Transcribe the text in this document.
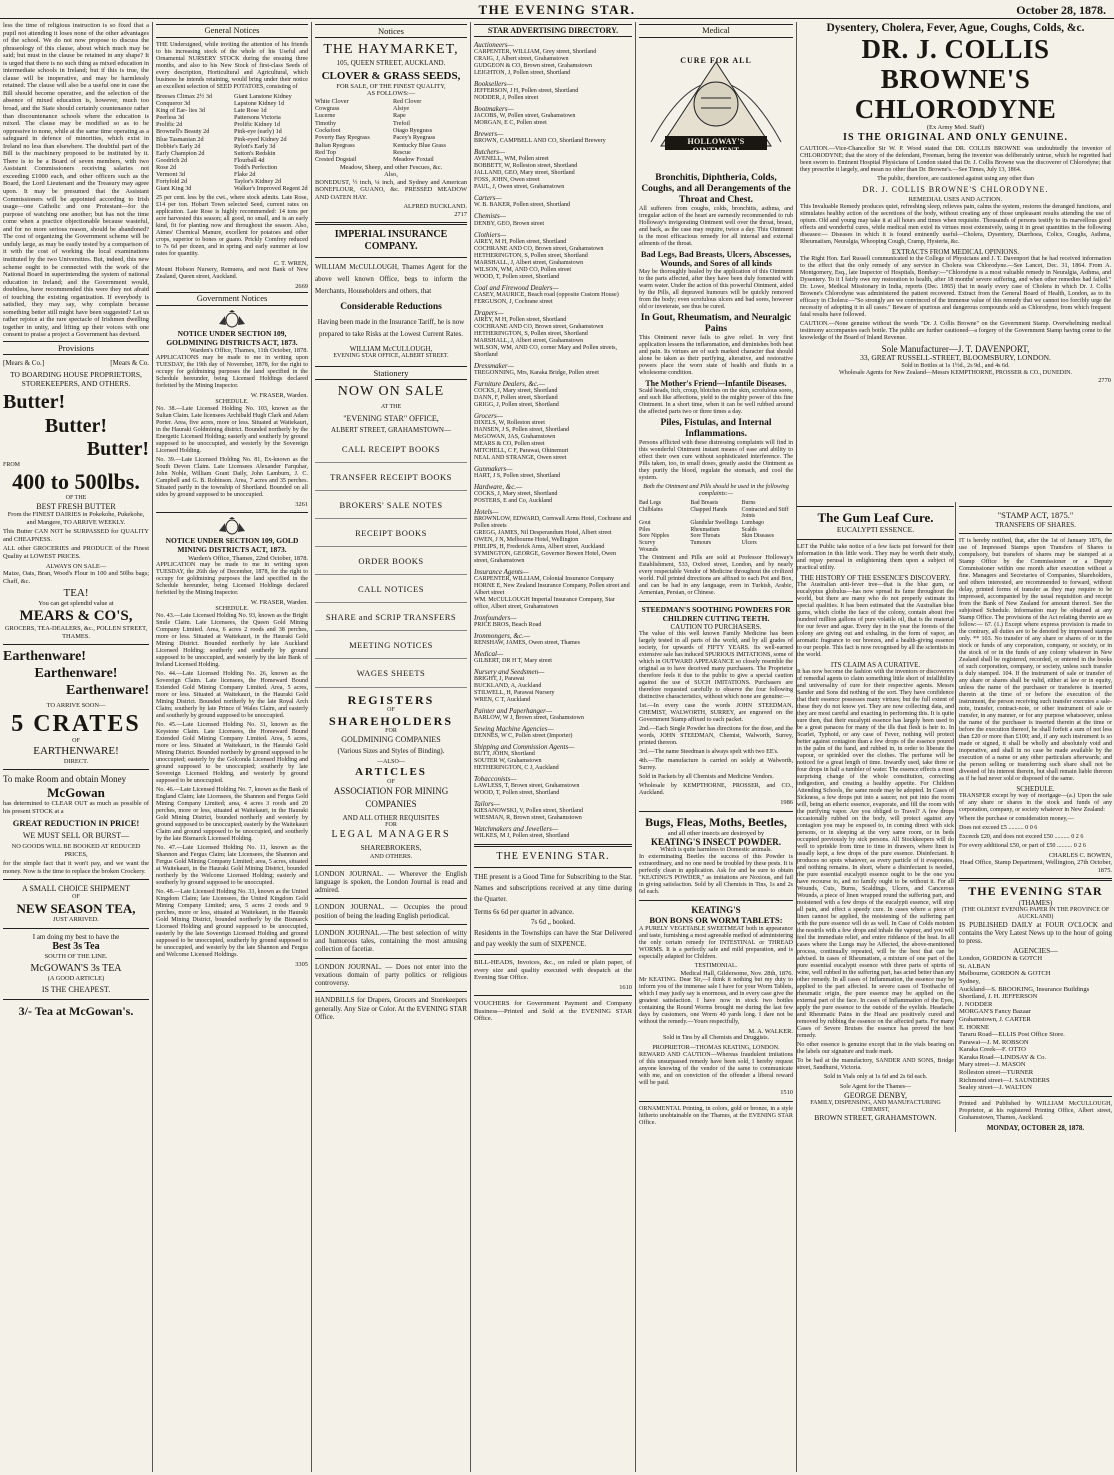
THE EVENING STAR.	October 28, 1878.

less the time of religious instruction is so fixed that a pupil not attending it loses none of the other advantages of the school. We do not now propose to discuss the phraseology of this clause, about which much may be said; but must in the clause be retained in any shape? It is urged that there is no such thing as mixed education in intermediate schools in Ireland; but if this is true, the clause will be inoperative, and may be harmlessly retained. The clause will also be a useful one in case the Bill should become operative, and the selection of the absence of mixed education is, however, much too broad, and the State should certainly countenance rather than discountenance schools where the education is mixed. The clause may be modified so as to be oppressive to none, while at the same time operating as a safeguard in defence of minorities, which exist in Ireland no less than elsewhere. The doubtful part of the Bill is the machinery proposed to be instituted by it. There is to be a Board of seven members, with two Assistant Commissioners receiving salaries not exceeding £1000 each, and other officers such as the Board, the Lord Lieutenant and the Treasury may agree upon. It may be presumed that the Assistant Commissioners will be appointed according to Irish usage—one Catholic and one Protestant—for the purpose of watching one another; but has not the time come when a practice objectionable because wasteful, and for no more serious reason, should be abandoned? The cost of organizing the Government scheme will be unduly large, as may be easily tested by a comparison of it with the cost of working the local examinations instituted by the two Universities. But, indeed, this new scheme ought to be connected with the work of the National Board in superintending the system of national education in Ireland; and the Government would, doubtless, have recommended this were they not afraid of touching the existing organization. If everybody is satisfied, they may say, why complain because something better still might have been suggested? Let us rather rejoice at the rare spectacle of Irishmen dwelling together in unity, and lifting up their voices with one consent to praise a project a Government has devised.

Provisions
[Mears & Co.]	[Mears & Co.

TO BOARDING HOUSE PROPRIETORS, STOREKEEPERS, AND OTHERS.

Butter!
Butter!
Butter!
FROM
400 to 500lbs.
OF THE
BEST FRESH BUTTER

From the FINEST DAIRIES in Pokekohe, Pukekohe, and Mangere, TO ARRIVE WEEKLY.

This Butter CAN NOT be SURPASSED for QUALITY and CHEAPNESS.

ALL other GROCERIES and PRODUCE of the Finest Quality at LOWEST PRICES.

ALWAYS ON SALE—

Maize, Oats, Bran, Wood's Flour in 100 and 50lbs bags; Chaff, &c.

TEA!
You can get splendid value at
MEARS & CO'S,

GROCERS, TEA-DEALERS, &c., POLLEN STREET, THAMES.

Earthenware!
Earthenware!
Earthenware!
TO ARRIVE SOON—
5 CRATES
OF
EARTHENWARE!
DIRECT.
To make Room and obtain Money
McGowan

has determined to CLEAR OUT as much as possible of his present STOCK at a

GREAT REDUCTION IN PRICE!
WE MUST SELL OR BURST—

NO GOODS WILL BE BOOKED AT REDUCED PRICES,

for the simple fact that it won't pay, and we want the money. Now is the time to replace the broken Crockery.

A SMALL CHOICE SHIPMENT
OF
NEW SEASON TEA,
JUST ARRIVED.
I am doing my best to have the
Best 3s Tea
SOUTH OF THE LINE.
McGOWAN'S 3s TEA
(A GOOD ARTICLE)
IS THE CHEAPEST.
3/- Tea at McGowan's.
General Notices

THE Undersigned, while inviting the attention of his friends to his increasing stock of the whole of his Useful and Ornamental NURSERY STOCK during the ensuing three months, and also to his New Stock of first-class Seeds of every description, Horticultural and Agricultural, which business he intends retaining, would bring under their notice an excellent selection of SEED POTATOES, consisting of

Breeses Climax 2½ 3d	Giant Lanstone Kidney
Conqueror 3d	Lapstone Kidney 1d
King of Ear- lies 3d	Late Rose 1d
Peerless 3d	Pattersons Victoria
Prolific 2d	Prolific Kidney 1d
Brownell's Beauty 2d	Pink-eye (early) 1d
Blue Tasmanian 2d	Pink-eyed Kidney 2d
Dobbie's Early 2d	Rylott's Early 3d
Early Champion 2d	Sutton's Redskin
Goodrich 2d	Flourball 4d
Rose 2d	Todd's Perfection
Vermont 3d	Flake 2d
Fortyfold 2d	Taylor's Kidney 2d
Giant King 3d	Walker's Improved Regent 2d

25 per cent. less by the cwt., where stock admits. Late Rose, £14 per ton. Hobart Town selected Seed, current rates on application. Late Rose is highly recommended: 14 tons per acre harvested this season; all good, no small, and is an early kind, fit for planting now and throughout the season. Also, Aimes' Chemical Manure, excellent for potatoes and other crops, superior to bones or guano. Prickly Comfrey reduced to 7s 6d per dozen, and in spring and early summer at low rates for quantity.

C. T. WREN,

Mount Hobson Nursery, Remuera, and next Bank of New Zealand, Queen street, Auckland.

2669
Government Notices
NOTICE UNDER SECTION 109, GOLDMINING DISTRICTS ACT, 1873.
Warden's Office, Thames, 11th October, 1878.

APPLICATIONS may be made to me in writing upon TUESDAY, the 19th day of November, 1878, for the right to occupy for goldmining purposes the land specified in the Schedule hereunder, being Licensed Holdings declared forfeited by the Mining Inspector.

W. FRASER, Warden.
SCHEDULE.

No. 38.—Late Licensed Holding No. 103, known as the Sultan Claim. Late licensees Archibald Hugh Clark and Adam Porter. Area, five acres, more or less. Situated at Waitekauri, in the Hauraki Goldmining district. Bounded northerly by the Energetic Licensed Holding; easterly and southerly by ground supposed to be unoccupied, and westerly by the Sovereign Licensed Holding.

No. 39.—Late Licensed Holding No. 81, Ex-known as the South Devon Claim. Late Licensees Alexander Farquhar, John Noble, William Grant Daily, John Lamburn, J. C. Campbell and G. B. Robinson. Area, 7 acres and 35 perches. Situated partly in the township of Shortland. Bounded on all sides by ground supposed to be unoccupied.

3261
NOTICE UNDER SECTION 109, GOLD MINING DISTRICTS ACT, 1873.
Warden's Office, Thames, 22nd October, 1878.

APPLICATION may be made to me in writing upon TUESDAY, the 26th day of December, 1878, for the right to occupy for goldmining purposes the land specified in the Schedule hereunder, being Licensed Holdings declared forfeited by the Mining Inspector.

W. FRASER, Warden.
SCHEDULE.

No. 43.—Late Licensed Holding No. 93, known as the Bright Smile Claim. Late Licensees, the Queen Gold Mining Company Limited. Area, 6 acres 2 roods and 38 perches, more or less. Situated at Waitekauri, in the Hauraki Gold Mining District. Bounded northerly by late Auckland Licensed Holding; southerly and southerly by ground supposed to be unoccupied, and westerly by the late Bank of Ireland Licensed Holding.

No. 44.—Late Licensed Holding No. 26, known as the Sovereign Claim. Late licensees, the Homeward Bound Extended Gold Mining Company Limited. Area, 5 acres, more or less. Situated at Waitekauri, in the Hauraki Gold Mining District. Bounded northerly by the late Royal Arch Claim; southerly by late Prince of Wales Claim, and easterly and southerly by ground supposed to be unoccupied.

No. 45.—Late Licensed Holding No. 31, known as the Keystone Claim. Late Licensees, the Homeward Bound Extended Gold Mining Company Limited. Area, 5 acres, more or less. Situated at Waitekauri, in the Hauraki Gold Mining District. Bounded northerly by ground supposed to be unoccupied; easterly by the Golconda Licensed Holding and ground supposed to be unoccupied; southerly by late Sovereign Licensed Holding, and westerly by ground supposed to be unoccupied.

No. 46.—Late Licensed Holding No. 7, known as the Bank of England Claim; late Licensees, the Shannon and Fergus Gold Mining Company Limited; area, 4 acres 3 roods and 20 perches, more or less, situated at Waitekauri, in the Hauraki Gold Mining District, bounded northerly and westerly by ground supposed to be unoccupied; easterly by the Waitekauri Claim and ground supposed to be unoccupied, and southerly by the late Bismarck Licensed Holding.

No. 47.—Late Licensed Holding No. 11, known as the Shannon and Fergus Claim; late Licensees, the Shannon and Fergus Gold Mining Company Limited; area, 5 acres, situated at Waitekauri, in the Hauraki Gold Mining District, bounded northerly by the Welcome Licensed Holding; easterly and southerly by ground supposed to be unoccupied.

No. 48.—Late Licensed Holding No. 33, known as the United Kingdom Claim; late Licensees, the United Kingdom Gold Mining Company Limited; area, 5 acres 2 roods and 9 perches, more or less, situated at Waitekauri, in the Hauraki Gold Mining District, bounded northerly by the Bismarck Licensed Holding and ground supposed to be unoccupied, easterly by the late Sovereign Licensed Holding and ground supposed to be unoccupied, southerly by ground supposed to be unoccupied, and westerly by the late Shannon and Fergus and Welcome Licensed Holdings.

3305
Notices
THE HAYMARKET,
105, QUEEN STREET, AUCKLAND.
CLOVER & GRASS SEEDS,
FOR SALE, OF THE FINEST QUALITY,
AS FOLLOWS:—
White Clover	Red Clover
Cowgrass	Alsiye
Lucerne	Rape
Timothy	Trefoil
Cocksfoot	Otago Ryegrass
Poverty Bay Ryegrass	Pacey's Ryegrass
Italian Ryegrass	Kentucky Blue Grass
Red Top	Rescue
Crested Dogstail	Meadow Foxtail
Meadow, Sheep, and other Fescues, &c.
Also,

BONEDUST, ½ inch, ¼ inch, and Sydney and American BONEFLOUR, GUANO, &c. PRESSED MEADOW AND OATEN HAY.

ALFRED BUCKLAND.
2717
IMPERIAL INSURANCE COMPANY.

WILLIAM McCULLOUGH, Thames Agent for the above well known Office, begs to inform the Merchants, Householders and others, that

Considerable Reductions

Having been made in the Insurance Tariff, he is now prepared to take Risks at the Lowest Current Rates.

WILLIAM McCULLOUGH,
EVENING STAR OFFICE, ALBERT STREET.
Stationery
NOW ON SALE
AT THE
"EVENING STAR" OFFICE,
ALBERT STREET, GRAHAMSTOWN—
CALL RECEIPT BOOKS
TRANSFER RECEIPT BOOKS
BROKERS' SALE NOTES
RECEIPT BOOKS
ORDER BOOKS
CALL NOTICES
SHARE and SCRIP TRANSFERS
MEETING NOTICES
WAGES SHEETS
REGISTERS
OF
SHAREHOLDERS
FOR
GOLDMINING COMPANIES
(Various Sizes and Styles of Binding).
—ALSO—
ARTICLES
OF
ASSOCIATION FOR MINING
COMPANIES
AND ALL OTHER REQUISITES
FOR
LEGAL MANAGERS
SHAREBROKERS,
AND OTHERS.

LONDON JOURNAL. — Wherever the English language is spoken, the London Journal is read and admired.

LONDON JOURNAL. — Occupies the proud position of being the leading English periodical.

LONDON JOURNAL.—The best selection of witty and humorous tales, containing the most amusing collection of facetiæ.

LONDON JOURNAL. — Does not enter into the vexatious domain of party politics or religious controversy.

HANDBILLS for Drapers, Grocers and Storekeepers generally. Any Size or Color. At the EVENING STAR Office.

STAR ADVERTISING DIRECTORY.
Auctioneers—
CARPENTER, WILLIAM, Grey street, Shortland
CRAIG, J, Albert street, Grahamstown
GUDGEON & CO, Brown street, Grahamstown
LEIGHTON, J, Pollen street, Shortland
Booksellers—
JEFFERSON, J H, Pollen street, Shortland
NODDER, J, Pollen street
Bootmakers—
JACOBS, W, Pollen street, Grahamstown
MORGAN, E C, Pollen street
Brewers—
BROWN, CAMPBELL AND CO, Shortland Brewery
Butchers—
AVENELL, WM, Pollen street
BOBBETT, W, Rolleston street, Shortland
JALLAND, GEO, Mary street, Shortland
FOSS, JOHN, Owen street
PAUL, J, Owen street, Grahamstown
Carters—
W. B. BAKER, Pollen street, Shortland
Chemists—
DENBY, GEO, Brown street
Clothiers—
AIREY, M H, Pollen street, Shortland
COCHRANE AND CO, Brown street, Grahamstown
HETHERINGTON, S, Pollen street, Shortland
MARSHALL, J, Albert street, Grahamstown
WILSON, WM, AND CO, Pollen street
WOOD, T, Pollen street, Shortland
Coal and Firewood Dealers—
CASEY, MAURICE, Beach road (opposite Custom House)
FERGUSON, J, Cochrane street
Drapers—
AIREY, M H, Pollen street, Shortland
COCHRANE AND CO, Brown street, Grahamstown
HETHERINGTON, S, Pollen street, Shortland
MARSHALL, J, Albert street, Grahamstown
WILSON, WM, AND CO, corner Mary and Pollen streets, Shortland
Dressmaker—
TREGONNING, Mrs, Karaka Bridge, Pollen street
Furniture Dealers, &c.—
COCKS, J, Mary street, Shortland
DANN, F, Pollen street, Shortland
GRIGG, J, Pollen street, Shortland
Grocers—
DIXELS, W, Rolleston street
HANSEN, J S, Pollen street, Shortland
McGOWAN, JAS, Grahamstown
MEARS & CO, Pollen street
MITCHELL, C F, Parawai, Ohinemuri
NEAL AND STRANGE, Owen street
Gunmakers—
HART, J S, Pollen street, Shortland
Hardware, &c.—
COCKS, J, Mary street, Shortland
POSTERS, E and Co, Auckland
Hotels—
BROWNLOW, EDWARD, Cornwall Arms Hotel, Cochrane and Pollen streets
GREGG, JAMES, Nil Desperandum Hotel, Albert street
OWEN, J N, Melbourne Hotel, Wellington
PHILIPS, H, Frederick Arms, Albert street, Auckland
SYMINGTON, GEORGE, Governor Bowen Hotel, Owen street, Grahamstown
Insurance Agents—
CARPENTER, WILLIAM, Colonial Insurance Company
HORNE E, New Zealand Insurance Company, Pollen street and Albert street
WM. McCULLOUGH Imperial Insurance Company, Star office, Albert street, Grahamstown
Ironfounders—
PRICE BROS, Beach Road
Ironmongers, &c.—
RENSHAW, JAMES, Owen street, Thames
Medical—
GILBERT, DR H T, Mary street
Nursery and Seedsmen—
BRIGHT, J, Parawai
BUCKLAND, A, Auckland
STILWELL, H, Parawai Nursery
WREN, C T, Auckland
Painter and Paperhanger—
BARLOW, W J, Brown street, Grahamstown
Sewing Machine Agencies—
DENNES, W C, Pollen street (Importer)
Shipping and Commission Agents—
BUTT, JOHN, Shortland
SOUTER W, Grahamstown
HETHERINGTON, C J, Auckland
Tobacconists—
LAWLESS, T, Brown street, Grahamstown
WOOD, T, Pollen street, Shortland
Tailors—
KIESANOWSKI, V, Pollen street, Shortland
WIESMAN, R, Brown street, Grahamstown
Watchmakers and Jewellers—
WILKES, M J, Pollen street, Shortland
THE EVENING STAR.

THE present is a Good Time for Subscribing to the Star. Names and subscriptions received at any time during the Quarter.

Terms 6s 6d per quarter in advance.

7s 6d „ booked.

Residents in the Townships can have the Star Delivered and pay weekly the sum of SIXPENCE.

BILL-HEADS, Invoices, &c., on ruled or plain paper, of every size and quality executed with despatch at the Evening Star Office.

1610

VOUCHERS for Government Payment and Company Business—Printed and Sold at the EVENING STAR Office.

Medical
CURE FOR ALL
HOLLOWAY'S OINTMENT
Bronchitis, Diphtheria, Colds, Coughs, and all Derangements of the Throat and Chest.

All sufferers from coughs, colds, bronchitis, asthma, and irregular action of the heart are earnestly recommended to rub Holloway's invigorating Ointment well over the throat, breast, and back, as the case may require, twice a day. This Ointment is the most efficacious remedy for all internal and external ailments of the throat.

Bad Legs, Bad Breasts, Ulcers, Abscesses, Wounds, and Sores of all kinds

May be thoroughly healed by the application of this Ointment to the parts affected, after they have been duly fomented with warm water. Under the action of this powerful Ointment, aided by the Pills, all depraved humours will be quickly removed from the body; even scrofulous ulcers and bad sores, however old or inveterate, see thus be cured.

In Gout, Rheumatism, and Neuralgic Pains

This Ointment never fails to give relief. In very first application lessens the inflammation, and diminishes both heat and pain. Its virtues are of such marked character that should alone be taken as their purifying, alterative, and restorative powers place the worn state of health and fluids in a wholesome condition.

The Mother's Friend—Infantile Diseases.

Scald heads, itch, croup, blotches on the skin, scrofulous sores, and such like affections, yield to the mighty power of this fine Ointment. In a short time, when it can be well rubbed around the affected parts two or three times a day.

Piles, Fistulas, and Internal Inflammations.

Persons afflicted with these distressing complaints will find in this wonderful Ointment instant means of ease and ability to effect their own cure without sophisticated interference. The Pills taken, too, in small doses, greatly assist the Ointment as they purify the blood, regulate the stomach, and cool the system.

Both the Ointment and Pills should be used in the following complaints:—

Bad Legs	Bad Breasts	Burns
Chilblains	Chapped Hands	Contracted and Stiff Joints
Gout	Glandular Swellings Lumbago
Piles	Rheumatism	Scalds
Sore Nipples	Sore Throats	Skin Diseases
Scurvy	Tumours	Ulcers
Wounds

The Ointment and Pills are sold at Professor Holloway's Establishment, 533, Oxford street, London, and by nearly every respectable Vendor of Medicine throughout the civilized world. Full printed directions are affixed to each Pot and Box, and can be had in any language, even in Turkish, Arabic, Armenian, Persian, or Chinese.

STEEDMAN'S SOOTHING POWDERS FOR CHILDREN CUTTING TEETH.
CAUTION TO PURCHASERS.

The value of this well known Family Medicine has been largely tested in all parts of the world, and by all grades of society, for upwards of FIFTY YEARS. Its well-earned extensive sale has induced SPURIOUS IMITATIONS, some of which in OUTWARD APPEARANCE so closely resemble the original as to have deceived many purchasers. The Proprietor therefore feels it due to the public to give a special caution against the use of SUCH IMITATIONS. Purchasers are therefore requested carefully to observe the four following distinctive characteristics, without which none are genuine:—

1st.—In every case the words JOHN STEEDMAN, CHEMIST, WALWORTH, SURREY, are engraved on the Government Stamp affixed to each packet.

2nd.—Each Single Powder has directions for the dose, and the words, JOHN STEEDMAN, Chemist, Walworth, Surrey, printed thereon.

3rd.—The name Steedman is always spelt with two EE's.

4th.—The manufacture is carried on solely at Walworth, Surrey.

Sold in Packets by all Chemists and Medicine Vendors.

Wholesale by KEMPTHORNE, PROSSER, and CO., Auckland.

1986
Bugs, Fleas, Moths, Beetles,
and all other insects are destroyed by
KEATING'S INSECT POWDER.
Which is quite harmless to Domestic animals.

In exterminating Beetles the success of this Powder is extraordinary, and no one need be troubled by these pests. It is perfectly clean in application. Ask for and be sure to obtain "KEATING'S POWDER," as imitations are Noxious, and fail in giving satisfaction. Sold by all Chemists in Tins, 1s and 2s 6d each.

KEATING'S
BON BONS OR WORM TABLETS:

A PURELY VEGETABLE SWEETMEAT both in appearance and taste, furnishing a most agreeable method of administering the only certain remedy for INTESTINAL or THREAD WORMS. It is a perfectly safe and mild preparation, and is especially adapted for Children.

TESTIMONIAL.
Medical Hall, Gildersome, Nov. 28th, 1876.

Mr KEATING. Dear Sir,—I think it nothing but my duty to inform you of the immense sale I have for your Worm Tablets, which I may justly say is enormous, and in every case give the greatest satisfaction. I have now in stock two bottles containing the Round Worms brought me during the last few days by customers, one Worm 40 yards long. I dare not be without the remedy.—Yours respectfully,

M. A. WALKER.
Sold in Tins by all Chemists and Druggists.
PROPRIETOR—THOMAS KEATING, LONDON.

REWARD AND CAUTION—Whereas fraudulent imitations of this unsurpassed remedy have been sold, I hereby request anyone knowing of the vendor of the same to communicate with me, and on conviction of the offender a liberal reward will be paid.

1510

ORNAMENTAL Printing, in colors, gold or bronze, in a style hitherto unobtainable on the Thames, at the EVENING STAR Office.

Dysentery, Cholera, Fever, Ague, Coughs, Colds, &c.
DR. J. COLLIS BROWNE'S CHLORODYNE
(Ex Army Med. Staff)
IS THE ORIGINAL AND ONLY GENUINE.

CAUTION.—Vice-Chancellor Sir W. P. Wood stated that DR. COLLIS BROWNE was undoubtedly the inventor of CHLORODYNE; that the story of the defendant, Freeman, being the inventor was deliberately untrue, which he regretted had been sworn to. Eminent Hospital Physicians of London stated that Dr. J. Collis Browne was the discoverer of Chlorodyne; that they prescribe it largely, and mean no other than Dr. Browne's.—See Times, July 13, 1864.

The public, therefore, are cautioned against using any other than

DR. J. COLLIS BROWNE'S CHLORODYNE.
REMEDIAL USES AND ACTION.

This Invaluable Remedy produces quiet, refreshing sleep, relieves pain, calms the system, restores the deranged functions, and stimulates healthy action of the secretions of the body, without creating any of those unpleasant results attending the use of opium. Old and young may take it at all hours and times when requisite. Thousands of persons testify to its marvellous good effects and wonderful cures, while medical men extol its virtues most extensively, using it in great quantities in the following diseases:— Diseases in which it is found eminently useful—Cholera, Dysentery, Diarrhoea, Colics, Coughs, Asthma, Rheumatism, Neuralgia, Whooping Cough, Cramp, Hysteria, &c.

EXTRACTS FROM MEDICAL OPINIONS.

The Right Hon. Earl Russell communicated to the College of Physicians and J. T. Davenport that he had received information to the effect that the only remedy of any service in Cholera was Chlorodyne.—See Lancet, Dec. 31, 1864. From A. Montgomery, Esq., late Inspector of Hospitals, Bombay:—"Chlorodyne is a most valuable remedy in Neuralgia, Asthma, and Dysentery. To it I fairly owe my restoration to health, after 18 months' severe suffering, and when other remedies had failed." Dr. Lowe, Medical Missionary in India, reports (Dec. 1865) that in nearly every case of Cholera in which Dr. J. Collis Browne's Chlorodyne was administered the patient recovered. Extract from the General Board of Health, London, as to its efficacy in Cholera:—"So strongly are we convinced of the immense value of this remedy that we cannot too forcibly urge the necessity of adopting it in all cases." Beware of spurious and dangerous compounds sold as Chlorodyne, from which frequent fatal results have followed.

CAUTION.—None genuine without the words "Dr. J. Collis Browne" on the Government Stamp. Overwhelming medical testimony accompanies each bottle. The public are further cautioned—a forgery of the Government Stamp having come to the knowledge of the Board of Inland Revenue.

Sole Manufacturer—J. T. DAVENPORT,
33, GREAT RUSSELL-STREET, BLOOMSBURY, LONDON.
Sold in Bottles at 1s 1½d., 2s 9d., and 4s 6d.
Wholesale Agents for New Zealand—Messrs KEMPTHORNE, PROSSER & CO., DUNEDIN.
2770
The Gum Leaf Cure.
EUCALYPTI ESSENCE.

LET the Public take notice of a few facts put forward for their information in this little work. They may be worth their study, and repay perusal in enlightening them upon a subject of practical utility.

THE HISTORY OF THE ESSENCE'S DISCOVERY.

The Australian anti-fever tree—that is the blue gum, or eucalyptus globulus—has now spread its fame throughout the world, but there are many who do not properly estimate its special qualities. It has been estimated that the Australian blue gums, which clothe the face of the colony, contain about five hundred million gallons of pure volatile oil, that is the material for our fever and ague. Every day in the year the forests of the colony are giving out and exhaling, in the form of vapor, an aromatic fragrance to our breezes, and a health-giving essence to our people. This fact is now recognised by all the scientists in the world.

ITS CLAIM AS A CURATIVE.

It has now become the fashion with the inventors or discoverers of remedial agents to claim something little short of infallibility and universality of cure for their respective agents. Messrs Sander and Sons did nothing of the sort. They have confidence that their essence possesses many virtues; but the full extent of these they do not know yet. They are now collecting data, and they are most careful and exacting in performing this. It is quite sure then, that their eucalypti essence has largely been used to be a great panacea for many of the ills that flesh is heir to. In Scarlet, Typhoid, or any case of Fever, nothing will protect better against contagion than a few drops of the essence poured in the palm of the hand, and rubbed in, in order to liberate the vapour, or sprinkled over the clothes. The perfume will be noticed for a great length of time. Inwardly used, take three or four drops in half a tumbler of water. The essence effects a most surprising change of the whole constitution, correcting indigestion, and creating a healthy appetite. For Children Attending Schools, the same mode may be adopted. In Cases of Sickness, a few drops put into a saucer, not put into the room will, being an etheric essence, evaporate, and fill the room with the purifying vapor. Are you obliged to Travel? A few drops occasionally rubbed on the body, will protect against any contagion you may be exposed to, in coming direct with sick persons, or in sleeping at the very same room, or in beds occupied previously by sick persons. All Stockkeepers will do well to sprinkle from time to time in drawers, where linen is usually kept, a few drops of the pure essence. Disinfectant. It produces no spots whatever, as every particle of it evaporates, and nothing remains. In short, where a disinfectant is needed, the pure essential eucalypti essence ought to be the one you have recourse to, and no family ought to be without it. For all Wounds, Cuts, Burns, Scaldings, Ulcers, and Cancerous Wounds, a piece of linen wrapped round the suffering part, and moistened with a few drops of the eucalypti essence, will stop all pain, and effect a speedy cure. In cases where a piece of linen cannot be applied, the moistening of the suffering part with the pure essence will do as well. In Case of Colds moisten the nostrils with a few drops and inhale the vapour, and you will feel the immediate relief, and entire riddance of the heat. In all cases where the Lungs may be Affected, the above-mentioned process, continually repeated, will be the best that can be advised. In cases of Rheumatism, a mixture of one part of the pure essential eucalypti essence with three parts of spirits of wine, well rubbed in the suffering part, has acted better than any other remedy. In all cases of Inflammation, the essence may be applied to the part affected. In severe cases of Toothache of rheumatic origin, the pure essence may be applied on the external part of the face. In cases of Inflammation of the Eyes, apply the pure essence to the outside of the eyelids. Headache and Rheumatic Pains in the Head are positively cured and removed by rubbing the essence on the affected parts. For many Cases of Severe Bruises the essence has proved the best remedy.

No other essence is genuine except that in the vials bearing on the labels our signature and trade mark.

To be had at the manufactory, SANDER AND SONS, Bridge street, Sandhurst, Victoria.

Sold in Vials only at 1s 6d and 2s 6d each.

Sole Agent for the Thames—
GEORGE DENBY,
FAMILY, DISPENSING, AND MANUFACTURING CHEMIST,
BROWN STREET, GRAHAMSTOWN.
"STAMP ACT, 1875."
TRANSFERS OF SHARES.

IT is hereby notified, that, after the 1st of January 1876, the use of Impressed Stamps upon Transfers of Shares is compulsory, but transfers of shares may be stamped at a Stamp Office by the Commissioner or a Deputy Commissioner within one month after execution without a fine. Managers and Secretaries of Companies, Shareholders, and others interested, are recommended to forward, without delay, printed forms of transfer as they may require to be impressed, accompanied by the usual requisition and receipt from the Bank of New Zealand for amount thereof. See the subjoined Schedule. Information may be obtained at any Stamp Office. The provisions of the Act relating thereto are as follow:— 67. (1.) Except where express provision is made to the contrary, all duties are to be denoted by impressed stamps only. ** 103. No transfer of any share or shares of or in the stock or funds of any corporation, company, or society, or in the stock of or in the funds of any colony whatever in New Zealand shall be registered, recorded, or entered in the books of such corporation, company, or society, unless such transfer is duly stamped. 104. If the instrument of sale or transfer of any share or shares shall be valid, either at law or in equity, unless the name of the purchaser or transferee is inserted therein at the time of or before the execution of the instrument, the person receiving such transfer executes a sale-note, transfer, contract-note, or other instrument of sale or transfer, in any manner, or for any purpose whatsoever, unless the name of the purchaser is inserted therein at the time or before the execution thereof, he shall forfeit a sum of not less than £20 or more than £100; and, if any such instrument is so made or signed, it shall be wholly and absolutely void and inoperative, and shall in no case be made available by the execution of a name or any other particulars afterwards; and the person selling or transferring such share shall not be divested of his interest therein, but shall remain liable thereon as if he had never sold or disposed of the same.

SCHEDULE.

TRANSFER except by way of mortgage—(a.) Upon the sale of any share or shares in the stock and funds of any corporation, company, or society whatever in New Zealand:

Where the purchase or consideration money,—

Does not exceed £5 .......... 0 0 6

Exceeds £20, and does not exceed £50 .......... 0 2 6

For every additional £50, or part of £50 .......... 0 2 6

CHARLES C. BOWEN,
Head Office, Stamp Department, Wellington, 27th October, 1875.
THE EVENING STAR
(THAMES)
(THE OLDEST EVENING PAPER IN THE PROVINCE OF AUCKLAND)

IS PUBLISHED DAILY at FOUR O'CLOCK and contains the Very Latest News up to the hour of going to press.

AGENCIES—
London, GORDON & GOTCH
St. ALBAN
Melbourne, GORDON & GOTCH
Sydney,
Auckland—S. BROOKING, Insurance Buildings
Shortland, J. H. JEFFERSON
J. NODDER
MORGAN'S Fancy Bazaar
Grahamstown, J. CARTER
E. HORNE
Tararu Road—ELLIS Post Office Store.
Parawai—J. M. ROBSON
Karaka Creek—F. OTTO
Karaka Road—LINDSAY & Co.
Mary street—J. MASON
Rolleston street—TURNER
Richmond street—J. SAUNDERS
Sealey street—J. WALTON

Printed and Published by WILLIAM McCULLOUGH, Proprietor, at his registered Printing Office, Albert street, Grahamstown, Thames, Auckland.

MONDAY, OCTOBER 28, 1878.
